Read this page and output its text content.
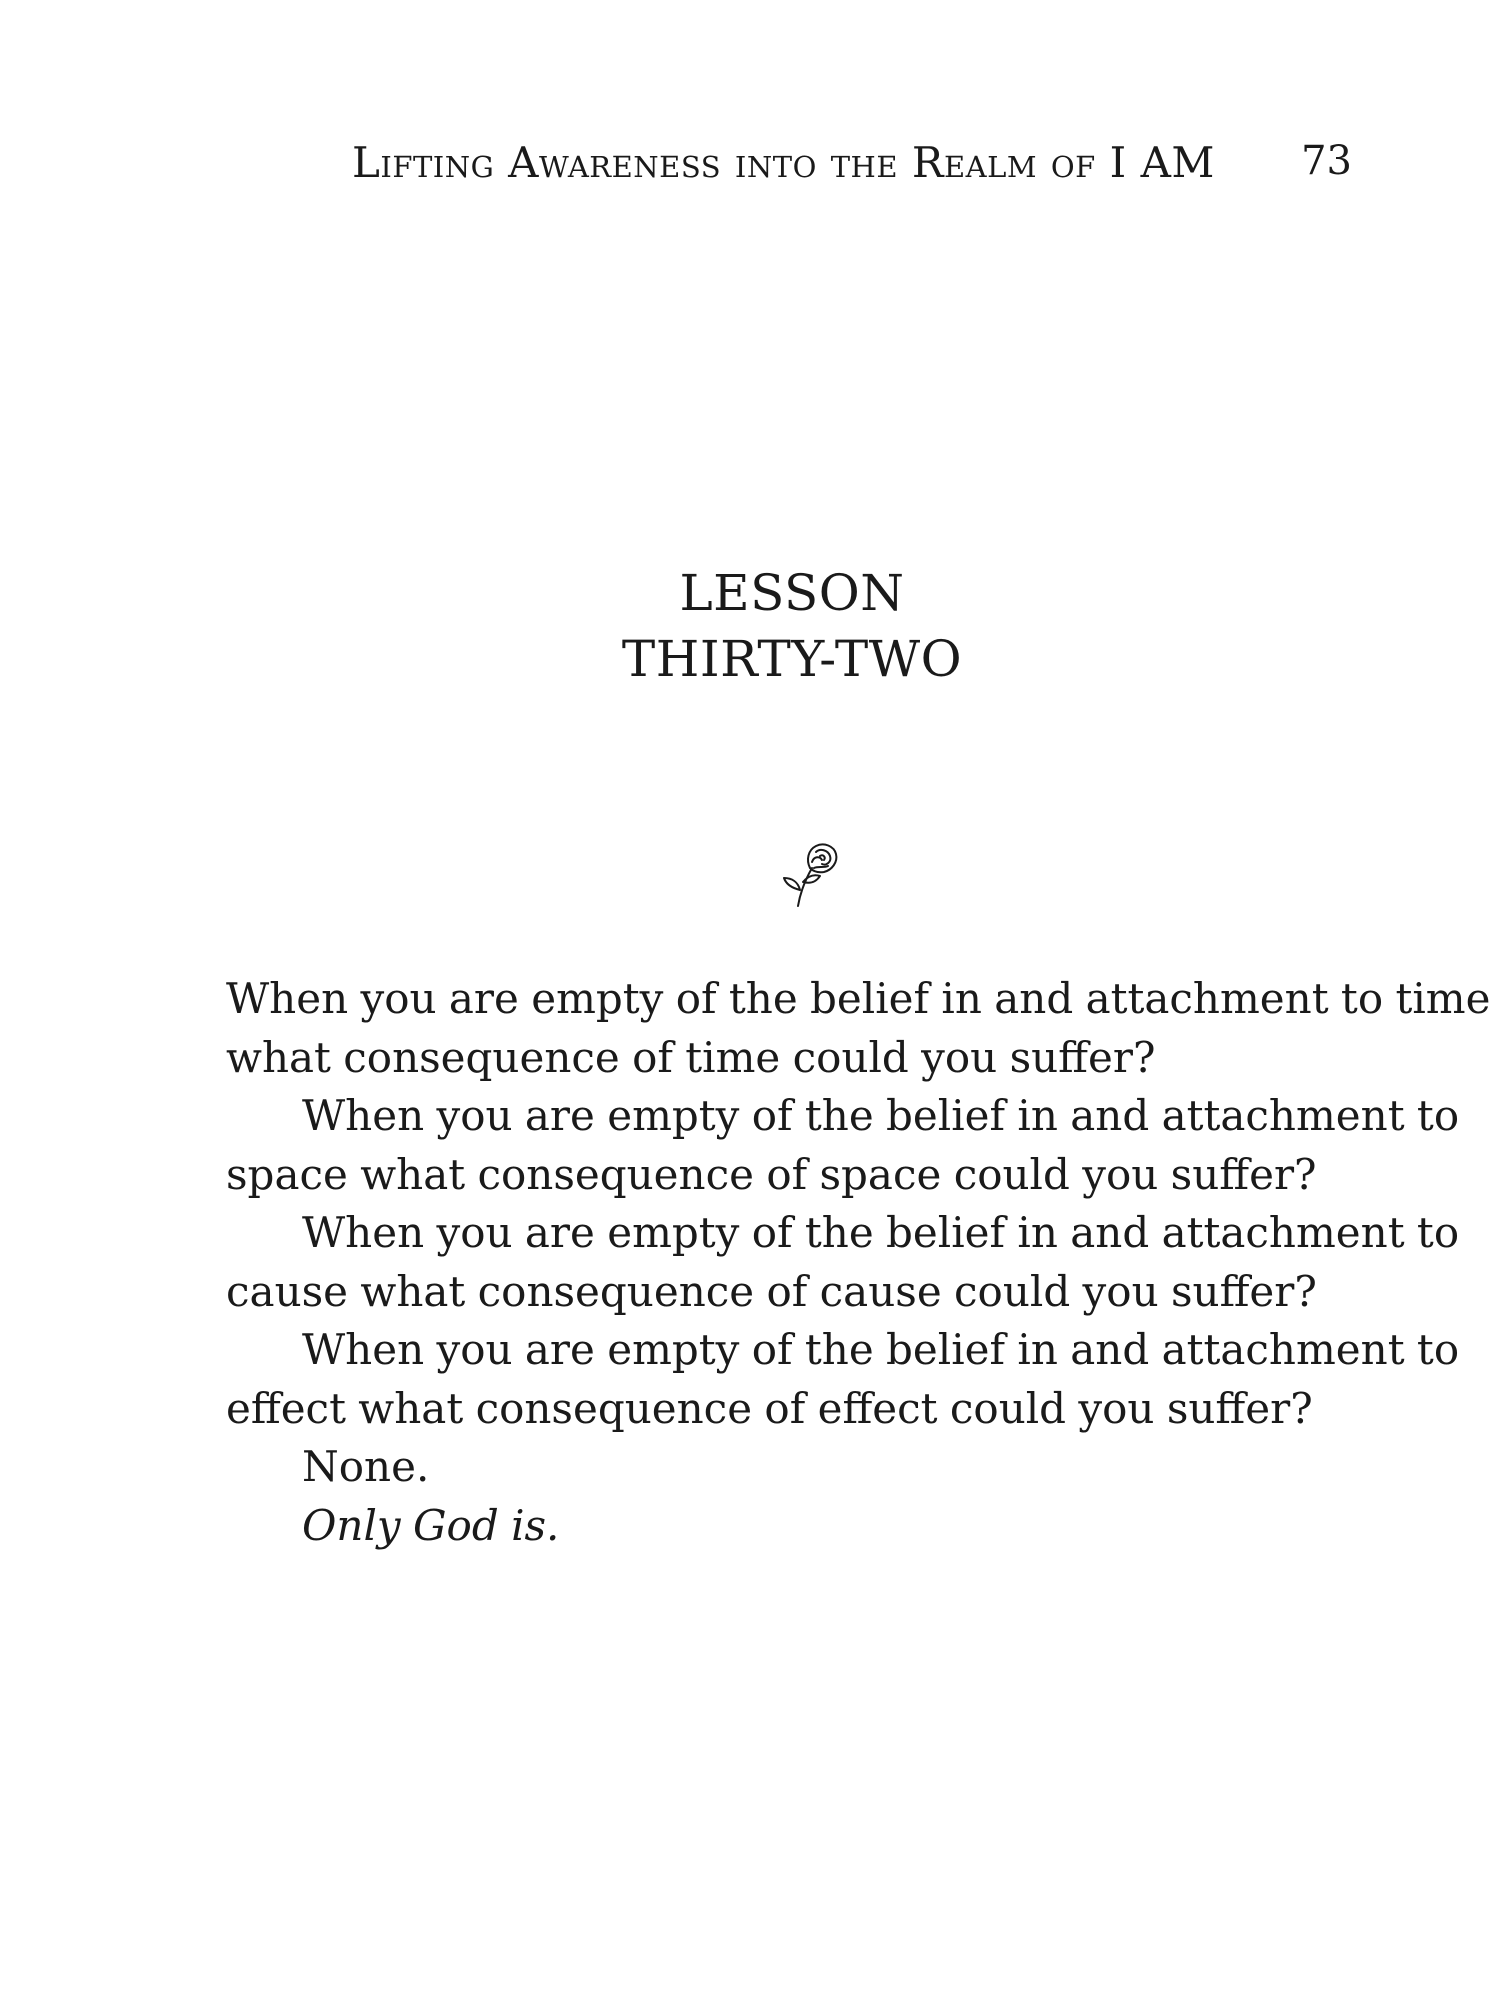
Lifting Awareness into the Realm of I AM 73
LESSON
THIRTY-TWO
When you are empty of the belief in and attachment to time
what consequence of time could you suffer?
When you are empty of the belief in and attachment to
space what consequence of space could you suffer?
When you are empty of the belief in and attachment to
cause what consequence of cause could you suffer?
When you are empty of the belief in and attachment to
effect what consequence of effect could you suffer?
None.
Only God is.
